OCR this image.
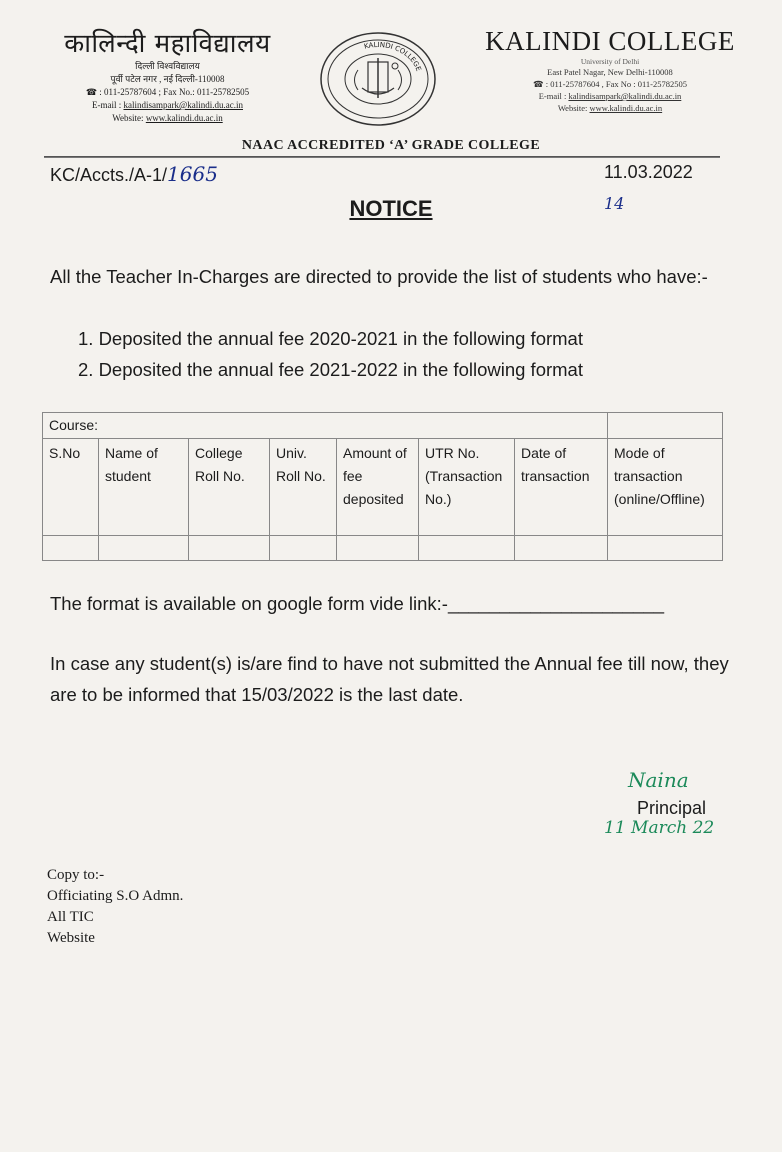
कालिन्दी महाविद्यालय
दिल्ली विश्वविद्यालय
पूर्वी पटेल नगर , नई दिल्ली-110008
☎ : 011-25787604 ; Fax No.: 011-25782505
E-mail : kalindisampark@kalindi.du.ac.in
Website: www.kalindi.du.ac.in
KALINDI COLLEGE
KALINDI COLLEGE
University of Delhi
East Patel Nagar, New Delhi-110008
☎ : 011-25787604 , Fax No : 011-25782505
E-mail : kalindisampark@kalindi.du.ac.in
Website: www.kalindi.du.ac.in
NAAC ACCREDITED ‘A’ GRADE COLLEGE
KC/Accts./A-1/1665	11.03.2022
14
NOTICE
All the Teacher In-Charges are directed to provide the list of students who have:-
1. Deposited the annual fee 2020-2021 in the following format
2. Deposited the annual fee 2021-2022 in the following format
Course:							
S.No	Name of student	College Roll No.	Univ. Roll No.	Amount of fee deposited	UTR No. (Transaction No.)	Date of transaction	Mode of transaction (online/Offline)

The format is available on google form vide link:-_____________________
In case any student(s) is/are find to have not submitted the Annual fee till now, they are to be informed that 15/03/2022 is the last date.
Naina
Principal
11 March 22
Copy to:-
Officiating S.O Admn.
All TIC
Website
